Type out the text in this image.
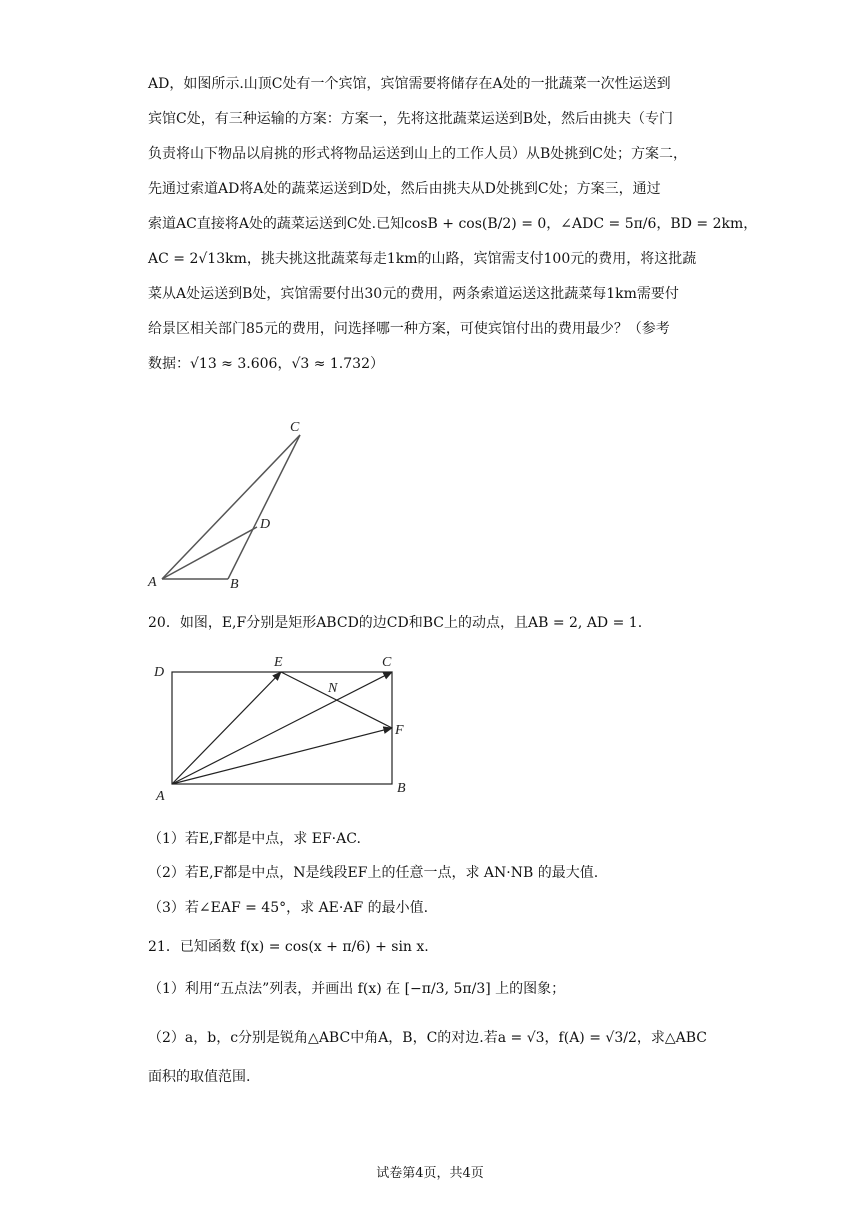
AD，如图所示.山顶C处有一个宾馆，宾馆需要将储存在A处的一批蔬菜一次性运送到

宾馆C处，有三种运输的方案：方案一，先将这批蔬菜运送到B处，然后由挑夫（专门

负责将山下物品以肩挑的形式将物品运送到山上的工作人员）从B处挑到C处；方案二，

先通过索道AD将A处的蔬菜运送到D处，然后由挑夫从D处挑到C处；方案三，通过

索道AC直接将A处的蔬菜运送到C处.已知cosB + cos(B/2) = 0，∠ADC = 5π/6，BD = 2km，

AC = 2√13km，挑夫挑这批蔬菜每走1km的山路，宾馆需支付100元的费用，将这批蔬

菜从A处运送到B处，宾馆需要付出30元的费用，两条索道运送这批蔬菜每1km需要付

给景区相关部门85元的费用，问选择哪一种方案，可使宾馆付出的费用最少？（参考

数据：√13 ≈ 3.606，√3 ≈ 1.732）

A	B
C
D
20．如图，E,F分别是矩形ABCD的边CD和BC上的动点，且AB = 2, AD = 1.
D
E	C
N
F
A
B
（1）若E,F都是中点，求 EF·AC.
（2）若E,F都是中点，N是线段EF上的任意一点，求 AN·NB 的最大值.
（3）若∠EAF = 45°，求 AE·AF 的最小值.
21．已知函数 f(x) = cos(x + π/6) + sin x.
（1）利用“五点法”列表，并画出 f(x) 在 [−π/3, 5π/3] 上的图象；
（2）a，b，c分别是锐角△ABC中角A，B，C的对边.若a = √3，f(A) = √3/2，求△ABC
面积的取值范围.
试卷第4页，共4页
